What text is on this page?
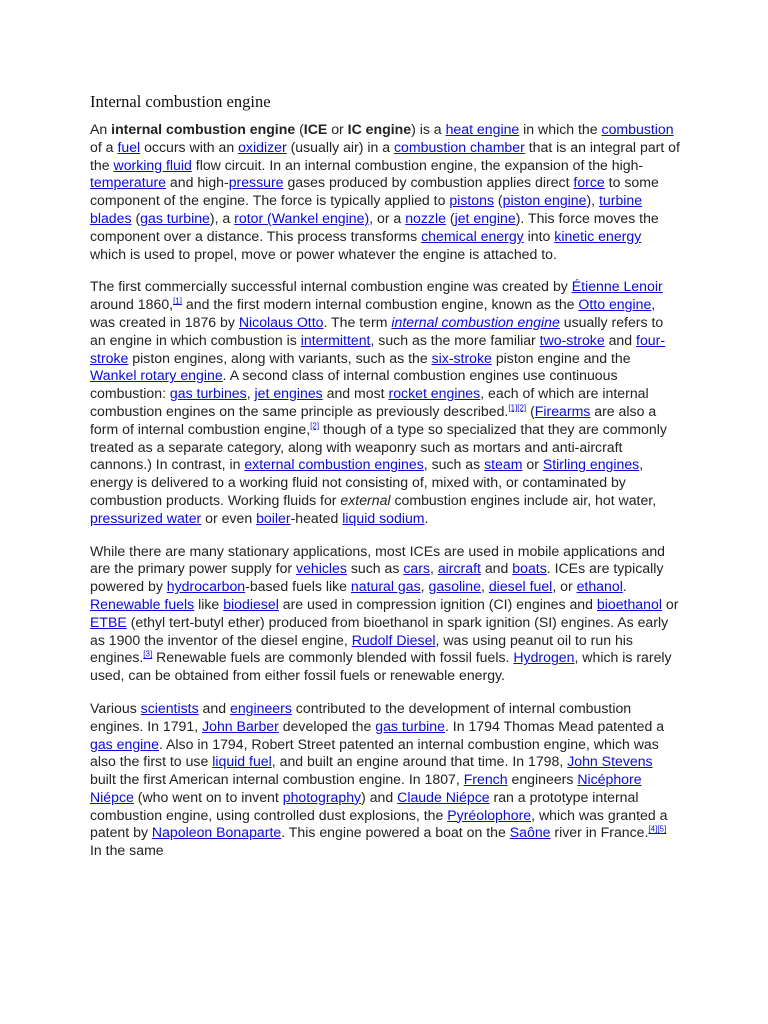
Internal combustion engine

An internal combustion engine (ICE or IC engine) is a heat engine in which the combustion of a fuel occurs with an oxidizer (usually air) in a combustion chamber that is an integral part of the working fluid flow circuit. In an internal combustion engine, the expansion of the high-temperature and high-pressure gases produced by combustion applies direct force to some component of the engine. The force is typically applied to pistons (piston engine), turbine blades (gas turbine), a rotor (Wankel engine), or a nozzle (jet engine). This force moves the component over a distance. This process transforms chemical energy into kinetic energy which is used to propel, move or power whatever the engine is attached to.

The first commercially successful internal combustion engine was created by Étienne Lenoir around 1860,[1] and the first modern internal combustion engine, known as the Otto engine, was created in 1876 by Nicolaus Otto. The term internal combustion engine usually refers to an engine in which combustion is intermittent, such as the more familiar two-stroke and four-stroke piston engines, along with variants, such as the six-stroke piston engine and the Wankel rotary engine. A second class of internal combustion engines use continuous combustion: gas turbines, jet engines and most rocket engines, each of which are internal combustion engines on the same principle as previously described.[1][2] (Firearms are also a form of internal combustion engine,[2] though of a type so specialized that they are commonly treated as a separate category, along with weaponry such as mortars and anti-aircraft cannons.) In contrast, in external combustion engines, such as steam or Stirling engines, energy is delivered to a working fluid not consisting of, mixed with, or contaminated by combustion products. Working fluids for external combustion engines include air, hot water, pressurized water or even boiler-heated liquid sodium.

While there are many stationary applications, most ICEs are used in mobile applications and are the primary power supply for vehicles such as cars, aircraft and boats. ICEs are typically powered by hydrocarbon-based fuels like natural gas, gasoline, diesel fuel, or ethanol. Renewable fuels like biodiesel are used in compression ignition (CI) engines and bioethanol or ETBE (ethyl tert-butyl ether) produced from bioethanol in spark ignition (SI) engines. As early as 1900 the inventor of the diesel engine, Rudolf Diesel, was using peanut oil to run his engines.[3] Renewable fuels are commonly blended with fossil fuels. Hydrogen, which is rarely used, can be obtained from either fossil fuels or renewable energy.

Various scientists and engineers contributed to the development of internal combustion engines. In 1791, John Barber developed the gas turbine. In 1794 Thomas Mead patented a gas engine. Also in 1794, Robert Street patented an internal combustion engine, which was also the first to use liquid fuel, and built an engine around that time. In 1798, John Stevens built the first American internal combustion engine. In 1807, French engineers Nicéphore Niépce (who went on to invent photography) and Claude Niépce ran a prototype internal combustion engine, using controlled dust explosions, the Pyréolophore, which was granted a patent by Napoleon Bonaparte. This engine powered a boat on the Saône river in France.[4][5] In the same
